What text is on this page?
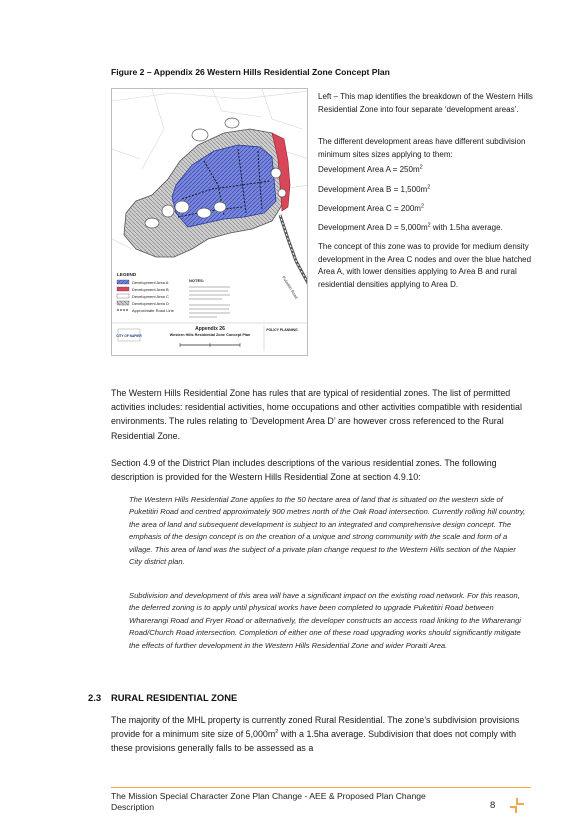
Figure 2 – Appendix 26 Western Hills Residential Zone Concept Plan
Puketitiri Road
LEGEND
Development Area A
Development Area B
Development Area C
Development Area D
Approximate Road Line
NOTES:
CITY OF NAPIER
Appendix 26
Western Hills Residential Zone Concept Plan
POLICY PLANNING
Left – This map identifies the breakdown of the Western Hills Residential Zone into four separate ‘development areas’.
The different development areas have different subdivision minimum sites sizes applying to them:
Development Area $A = 250m^2$
Development Area $B = 1,500m^2$
Development Area $C = 200m^2$
Development Area $D = 5,000m^2$ with 1.5ha average.
The concept of this zone was to provide for medium density development in the Area C nodes and over the blue hatched Area A, with lower densities applying to Area B and rural residential densities applying to Area D.
The Western Hills Residential Zone has rules that are typical of residential zones. The list of permitted activities includes: residential activities, home occupations and other activities compatible with residential environments. The rules relating to ‘Development Area D’ are however cross referenced to the Rural Residential Zone.
Section 4.9 of the District Plan includes descriptions of the various residential zones. The following description is provided for the Western Hills Residential Zone at section 4.9.10:
The Western Hills Residential Zone applies to the 50 hectare area of land that is situated on the western side of Puketitiri Road and centred approximately 900 metres north of the Oak Road intersection. Currently rolling hill country, the area of land and subsequent development is subject to an integrated and comprehensive design concept. The emphasis of the design concept is on the creation of a unique and strong community with the scale and form of a village. This area of land was the subject of a private plan change request to the Western Hills section of the Napier City district plan.
Subdivision and development of this area will have a significant impact on the existing road network. For this reason, the deferred zoning is to apply until physical works have been completed to upgrade Puketitiri Road between Wharerangi Road and Fryer Road or alternatively, the developer constructs an access road linking to the Wharerangi Road/Church Road intersection. Completion of either one of these road upgrading works should significantly mitigate the effects of further development in the Western Hills Residential Zone and wider Poraiti Area.
2.3 RURAL RESIDENTIAL ZONE
The majority of the MHL property is currently zoned Rural Residential. The zone’s subdivision provisions provide for a minimum site size of $5,000m^2$ with a 1.5ha average. Subdivision that does not comply with these provisions generally falls to be assessed as a
The Mission Special Character Zone Plan Change - AEE & Proposed Plan Change Description	8
